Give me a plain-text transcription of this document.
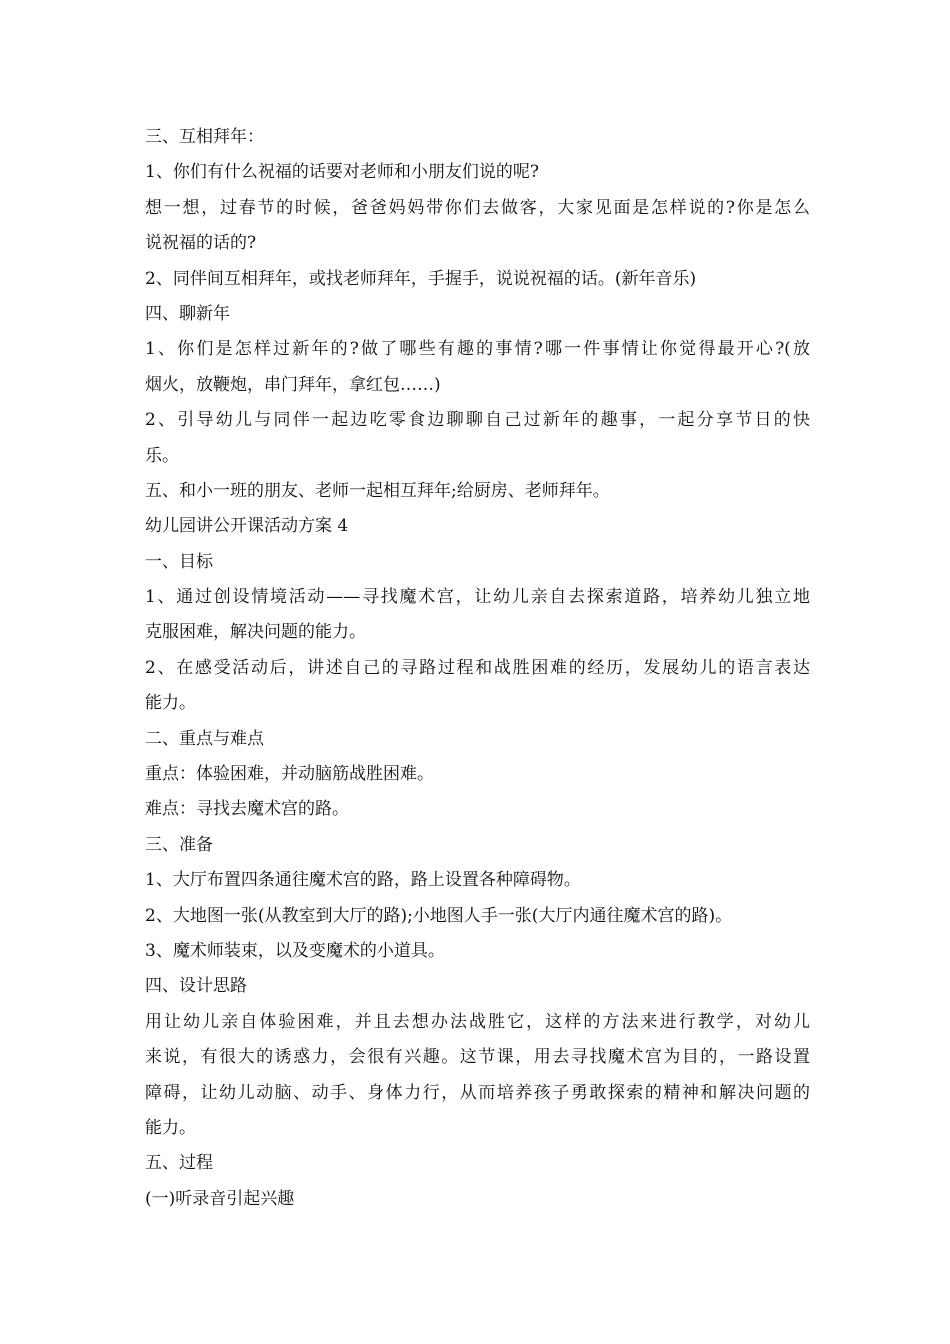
三、互相拜年：
1、你们有什么祝福的话要对老师和小朋友们说的呢?
想一想，过春节的时候，爸爸妈妈带你们去做客，大家见面是怎样说的?你是怎么
说祝福的话的?
2、同伴间互相拜年，或找老师拜年，手握手，说说祝福的话。(新年音乐)
四、聊新年
1、你们是怎样过新年的?做了哪些有趣的事情?哪一件事情让你觉得最开心?(放
烟火，放鞭炮，串门拜年，拿红包……)
2、引导幼儿与同伴一起边吃零食边聊聊自己过新年的趣事，一起分享节日的快
乐。
五、和小一班的朋友、老师一起相互拜年;给厨房、老师拜年。
幼儿园讲公开课活动方案 4
一、目标
1、通过创设情境活动——寻找魔术宫，让幼儿亲自去探索道路，培养幼儿独立地
克服困难，解决问题的能力。
2、在感受活动后，讲述自己的寻路过程和战胜困难的经历，发展幼儿的语言表达
能力。
二、重点与难点
重点：体验困难，并动脑筋战胜困难。
难点：寻找去魔术宫的路。
三、准备
1、大厅布置四条通往魔术宫的路，路上设置各种障碍物。
2、大地图一张(从教室到大厅的路);小地图人手一张(大厅内通往魔术宫的路)。
3、魔术师装束，以及变魔术的小道具。
四、设计思路
用让幼儿亲自体验困难，并且去想办法战胜它，这样的方法来进行教学，对幼儿
来说，有很大的诱惑力，会很有兴趣。这节课，用去寻找魔术宫为目的，一路设置
障碍，让幼儿动脑、动手、身体力行，从而培养孩子勇敢探索的精神和解决问题的
能力。
五、过程
(一)听录音引起兴趣
